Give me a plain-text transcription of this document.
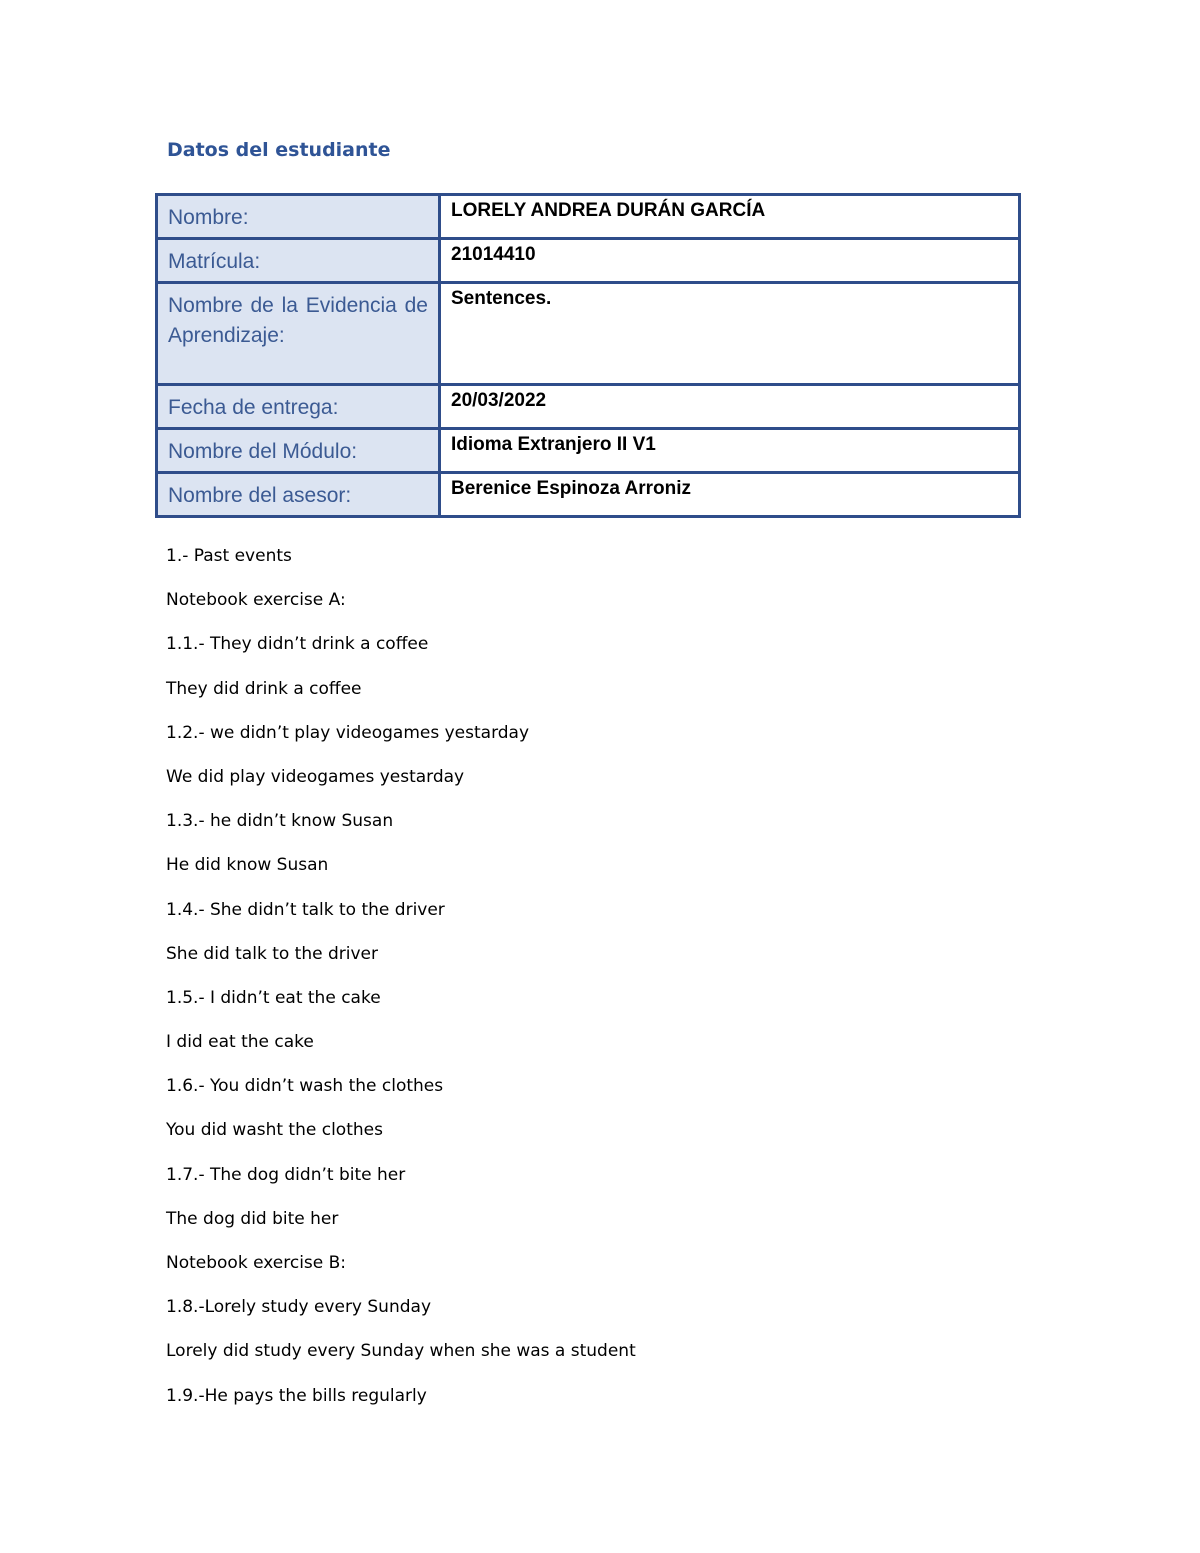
Datos del estudiante
Nombre:	LORELY ANDREA DURÁN GARCÍA
Matrícula:	21014410
Nombre de la Evidencia de Aprendizaje:	Sentences.
Fecha de entrega:	20/03/2022
Nombre del Módulo:	Idioma Extranjero II V1
Nombre del asesor:	Berenice Espinoza Arroniz
1.- Past events
Notebook exercise A:
1.1.- They didn’t drink a coffee
They did drink a coffee
1.2.- we didn’t play videogames yestarday
We did play videogames yestarday
1.3.- he didn’t know Susan
He did know Susan
1.4.- She didn’t talk to the driver
She did talk to the driver
1.5.- I didn’t eat the cake
I did eat the cake
1.6.- You didn’t wash the clothes
You did washt the clothes
1.7.- The dog didn’t bite her
The dog did bite her
Notebook exercise B:
1.8.-Lorely study every Sunday
Lorely did study every Sunday when she was a student
1.9.-He pays the bills regularly
